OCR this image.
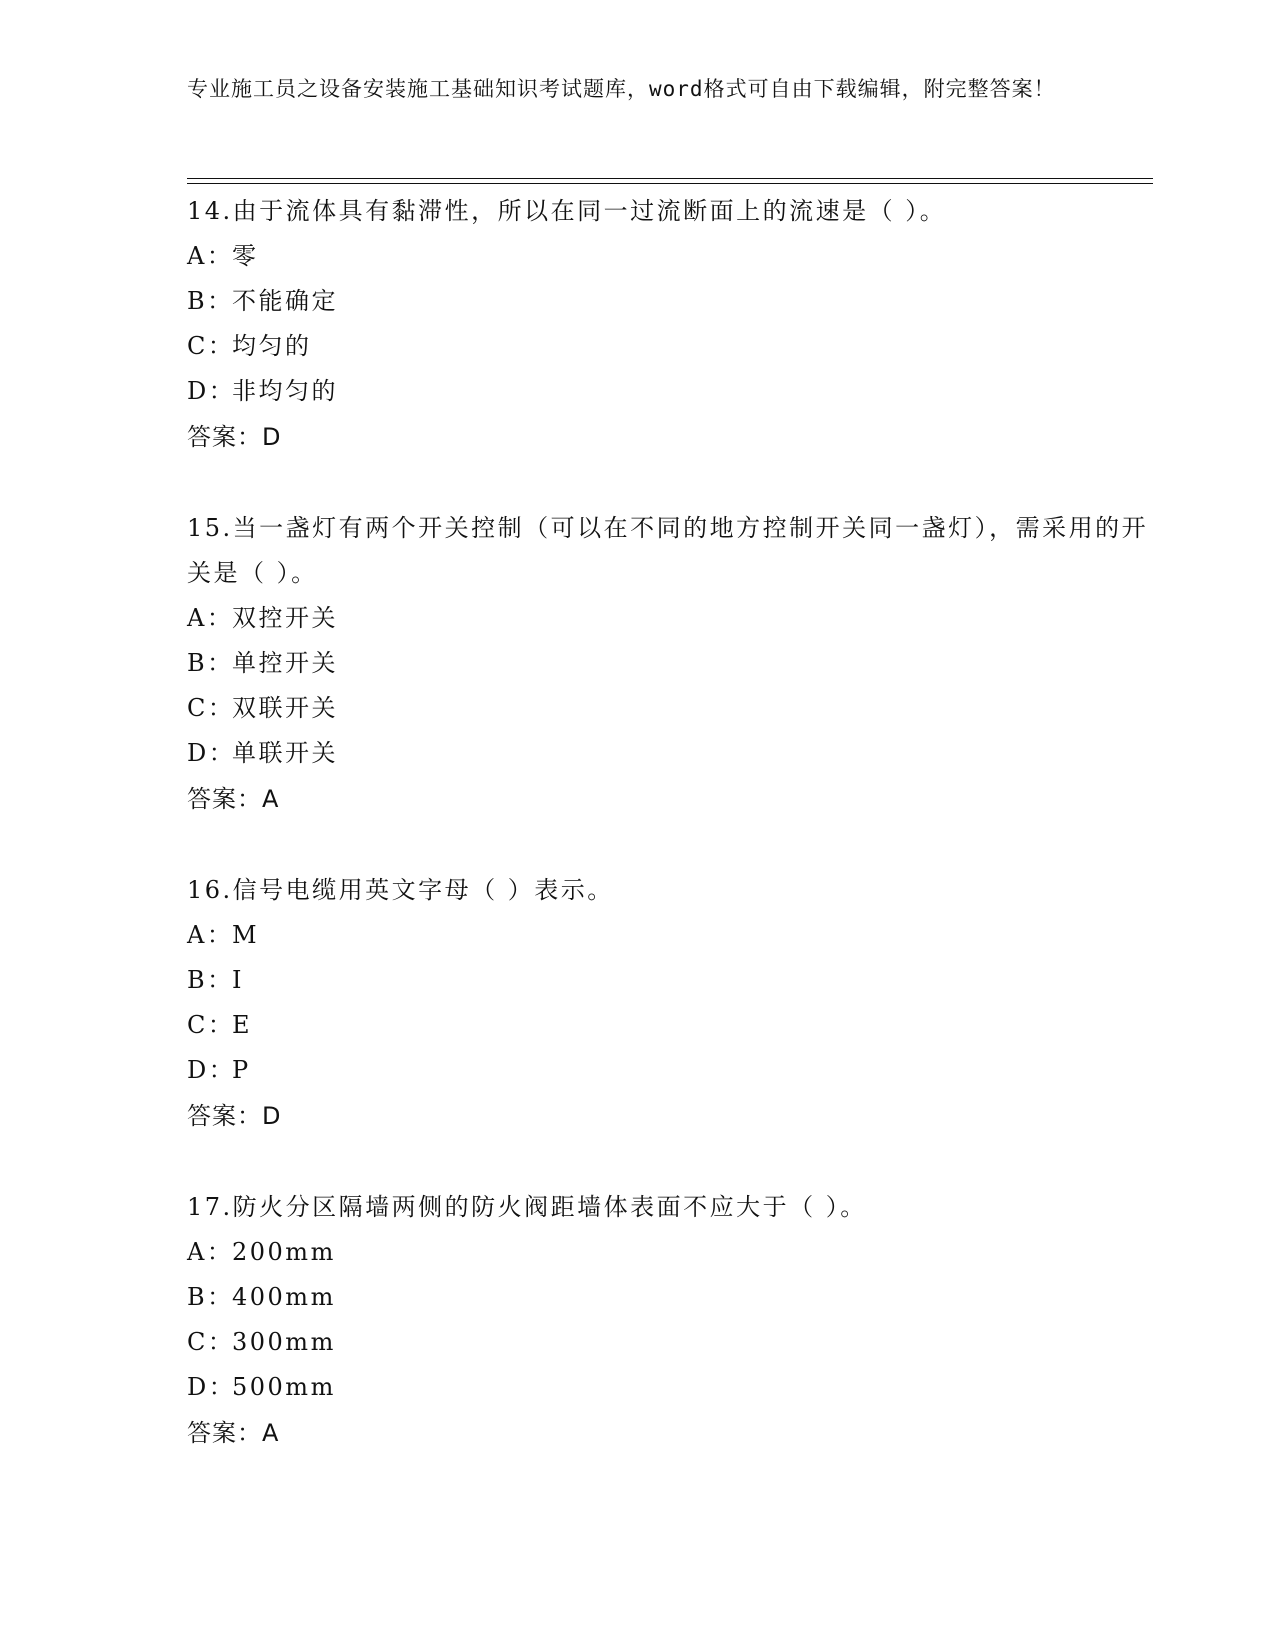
专业施工员之设备安装施工基础知识考试题库，word格式可自由下载编辑，附完整答案！
14.由于流体具有黏滞性，所以在同一过流断面上的流速是（ ）。
A：零
B：不能确定
C：均匀的
D：非均匀的
答案：D
15.当一盏灯有两个开关控制（可以在不同的地方控制开关同一盏灯），需采用的开关是（ ）。
A：双控开关
B：单控开关
C：双联开关
D：单联开关
答案：A
16.信号电缆用英文字母（ ）表示。
A：M
B：I
C：E
D：P
答案：D
17.防火分区隔墙两侧的防火阀距墙体表面不应大于（ ）。
A：200mm
B：400mm
C：300mm
D：500mm
答案：A
